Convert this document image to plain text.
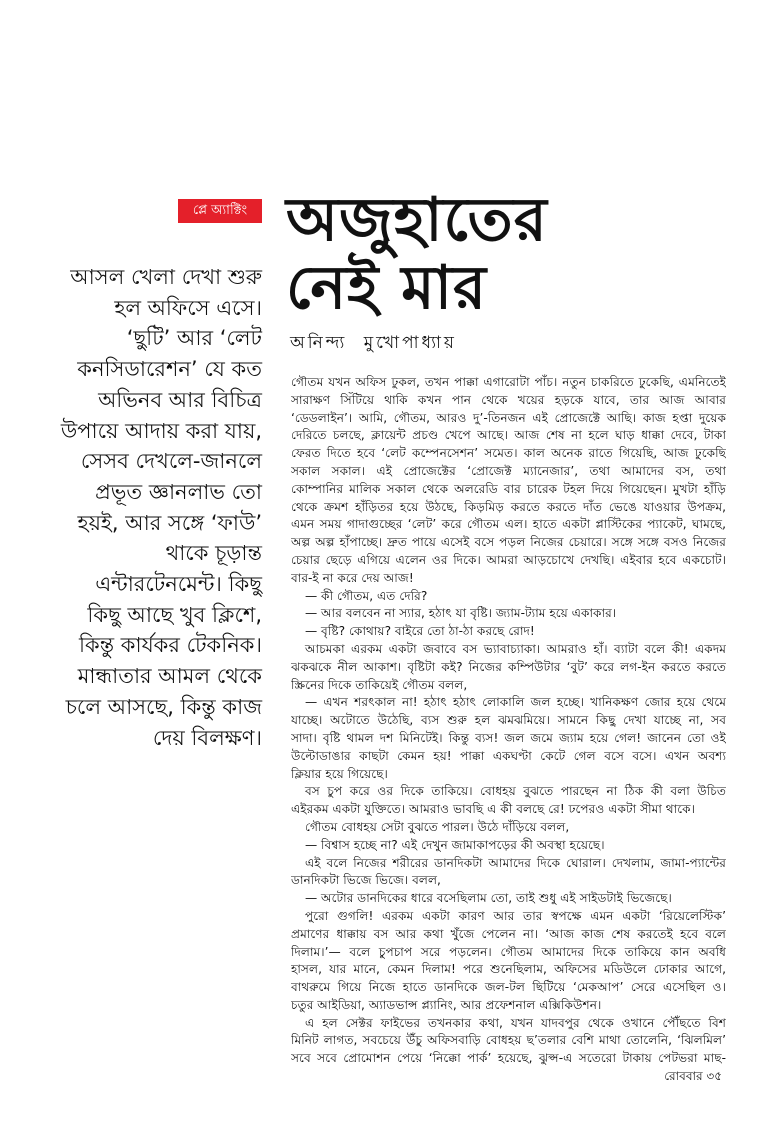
প্লে অ্যাক্টিং অজুহাতের
নেই মার
অনিন্দ্য মুখোপাধ্যায়
আসল খেলা দেখা শুরু
হল অফিসে এসে।
‘ছুটি’ আর ‘লেট
কনসিডারেশন’ যে কত
অভিনব আর বিচিত্র
উপায়ে আদায় করা যায়,
সেসব দেখলে-জানলে
প্রভূত জ্ঞানলাভ তো
হয়ই, আর সঙ্গে ‘ফাউ’
থাকে চূড়ান্ত
এন্টারটেনমেন্ট। কিছু
কিছু আছে খুব ক্লিশে,
কিন্তু কার্যকর টেকনিক।
মান্ধাতার আমল থেকে
চলে আসছে, কিন্তু কাজ
দেয় বিলক্ষণ।
গৌতম যখন অফিস ঢুকল, তখন পাক্কা এগারোটা পাঁচ। নতুন চাকরিতে ঢুকেছি, এমনিতেই
সারাক্ষণ সিঁটিয়ে থাকি কখন পান থেকে খয়ের হড়কে যাবে, তার আজ আবার
‘ডেডলাইন’। আমি, গৌতম, আরও দু’-তিনজন এই প্রোজেক্টে আছি। কাজ হপ্তা দুয়েক
দেরিতে চলছে, ক্লায়েন্ট প্রচণ্ড খেপে আছে। আজ শেষ না হলে ঘাড় ধাক্কা দেবে, টাকা
ফেরত দিতে হবে ‘লেট কম্পেনসেশন’ সমেত। কাল অনেক রাতে গিয়েছি, আজ ঢুকেছি
সকাল সকাল। এই প্রোজেক্টের ‘প্রোজেক্ট ম্যানেজার’, তথা আমাদের বস, তথা
কোম্পানির মালিক সকাল থেকে অলরেডি বার চারেক টহল দিয়ে গিয়েছেন। মুখটা হাঁড়ি
থেকে ক্রমশ হাঁড়িতর হয়ে উঠছে, কিড়মিড় করতে করতে দাঁত ভেঙে যাওয়ার উপক্রম,
এমন সময় গাদাগুচ্ছের ‘লেট’ করে গৌতম এল। হাতে একটা প্লাস্টিকের প্যাকেট, ঘামছে,
অল্প অল্প হাঁপাচ্ছে। দ্রুত পায়ে এসেই বসে পড়ল নিজের চেয়ারে। সঙ্গে সঙ্গে বসও নিজের
চেয়ার ছেড়ে এগিয়ে এলেন ওর দিকে। আমরা আড়চোখে দেখছি। এইবার হবে একচোট।
বার-ই না করে দেয় আজ!
— কী গৌতম, এত দেরি?
— আর বলবেন না স্যার, হঠাৎ যা বৃষ্টি। জ্যাম-ট্যাম হয়ে একাকার।
— বৃষ্টি? কোথায়? বাইরে তো ঠা-ঠা করছে রোদ!
আচমকা এরকম একটা জবাবে বস ভ্যাবাচ্যাকা। আমরাও হাঁ। ব্যাটা বলে কী! একদম
ঝকঝকে নীল আকাশ। বৃষ্টিটা কই? নিজের কম্পিউটার ‘বুট’ করে লগ-ইন করতে করতে
স্ক্রিনের দিকে তাকিয়েই গৌতম বলল,
— এখন শরৎকাল না! হঠাৎ হঠাৎ লোকালি জল হচ্ছে। খানিকক্ষণ জোর হয়ে থেমে
যাচ্ছে। অটোতে উঠেছি, ব্যস শুরু হল ঝমঝমিয়ে। সামনে কিছু দেখা যাচ্ছে না, সব
সাদা। বৃষ্টি থামল দশ মিনিটেই। কিন্তু ব্যস! জল জমে জ্যাম হয়ে গেল! জানেন তো ওই
উল্টোডাঙার কাছটা কেমন হয়! পাক্কা একঘণ্টা কেটে গেল বসে বসে। এখন অবশ্য
ক্লিয়ার হয়ে গিয়েছে।
বস চুপ করে ওর দিকে তাকিয়ে। বোধহয় বুঝতে পারছেন না ঠিক কী বলা উচিত
এইরকম একটা যুক্তিতে। আমরাও ভাবছি এ কী বলছে রে! ঢপেরও একটা সীমা থাকে।
গৌতম বোধহয় সেটা বুঝতে পারল। উঠে দাঁড়িয়ে বলল,
— বিশ্বাস হচ্ছে না? এই দেখুন জামাকাপড়ের কী অবস্থা হয়েছে।
এই বলে নিজের শরীরের ডানদিকটা আমাদের দিকে ঘোরাল। দেখলাম, জামা-প্যান্টের
ডানদিকটা ভিজে ভিজে। বলল,
— অটোর ডানদিকের ধারে বসেছিলাম তো, তাই শুধু এই সাইডটাই ভিজেছে।
পুরো গুগলি! এরকম একটা কারণ আর তার স্বপক্ষে এমন একটা ‘রিয়েলেস্টিক’
প্রমাণের ধাক্কায় বস আর কথা খুঁজে পেলেন না। ‘আজ কাজ শেষ করতেই হবে বলে
দিলাম।’— বলে চুপচাপ সরে পড়লেন। গৌতম আমাদের দিকে তাকিয়ে কান অবধি
হাসল, যার মানে, কেমন দিলাম! পরে শুনেছিলাম, অফিসের মডিউলে ঢোকার আগে,
বাথরুমে গিয়ে নিজে হাতে ডানদিকে জল-টল ছিটিয়ে ‘মেকআপ’ সেরে এসেছিল ও।
চতুর আইডিয়া, অ্যাডভান্স প্ল্যানিং, আর প্রফেশনাল এক্সিকিউশন।
এ হল সেক্টর ফাইভের তখনকার কথা, যখন যাদবপুর থেকে ওখানে পৌঁছতে বিশ
মিনিট লাগত, সবচেয়ে উঁচু অফিসবাড়ি বোধহয় ছ’তলার বেশি মাথা তোলেনি, ‘ঝিলমিল’
সবে সবে প্রোমোশন পেয়ে ‘নিক্কো পার্ক’ হয়েছে, ঝুপ্স-এ সতেরো টাকায় পেটভরা মাছ-
রোববার ৩৫
